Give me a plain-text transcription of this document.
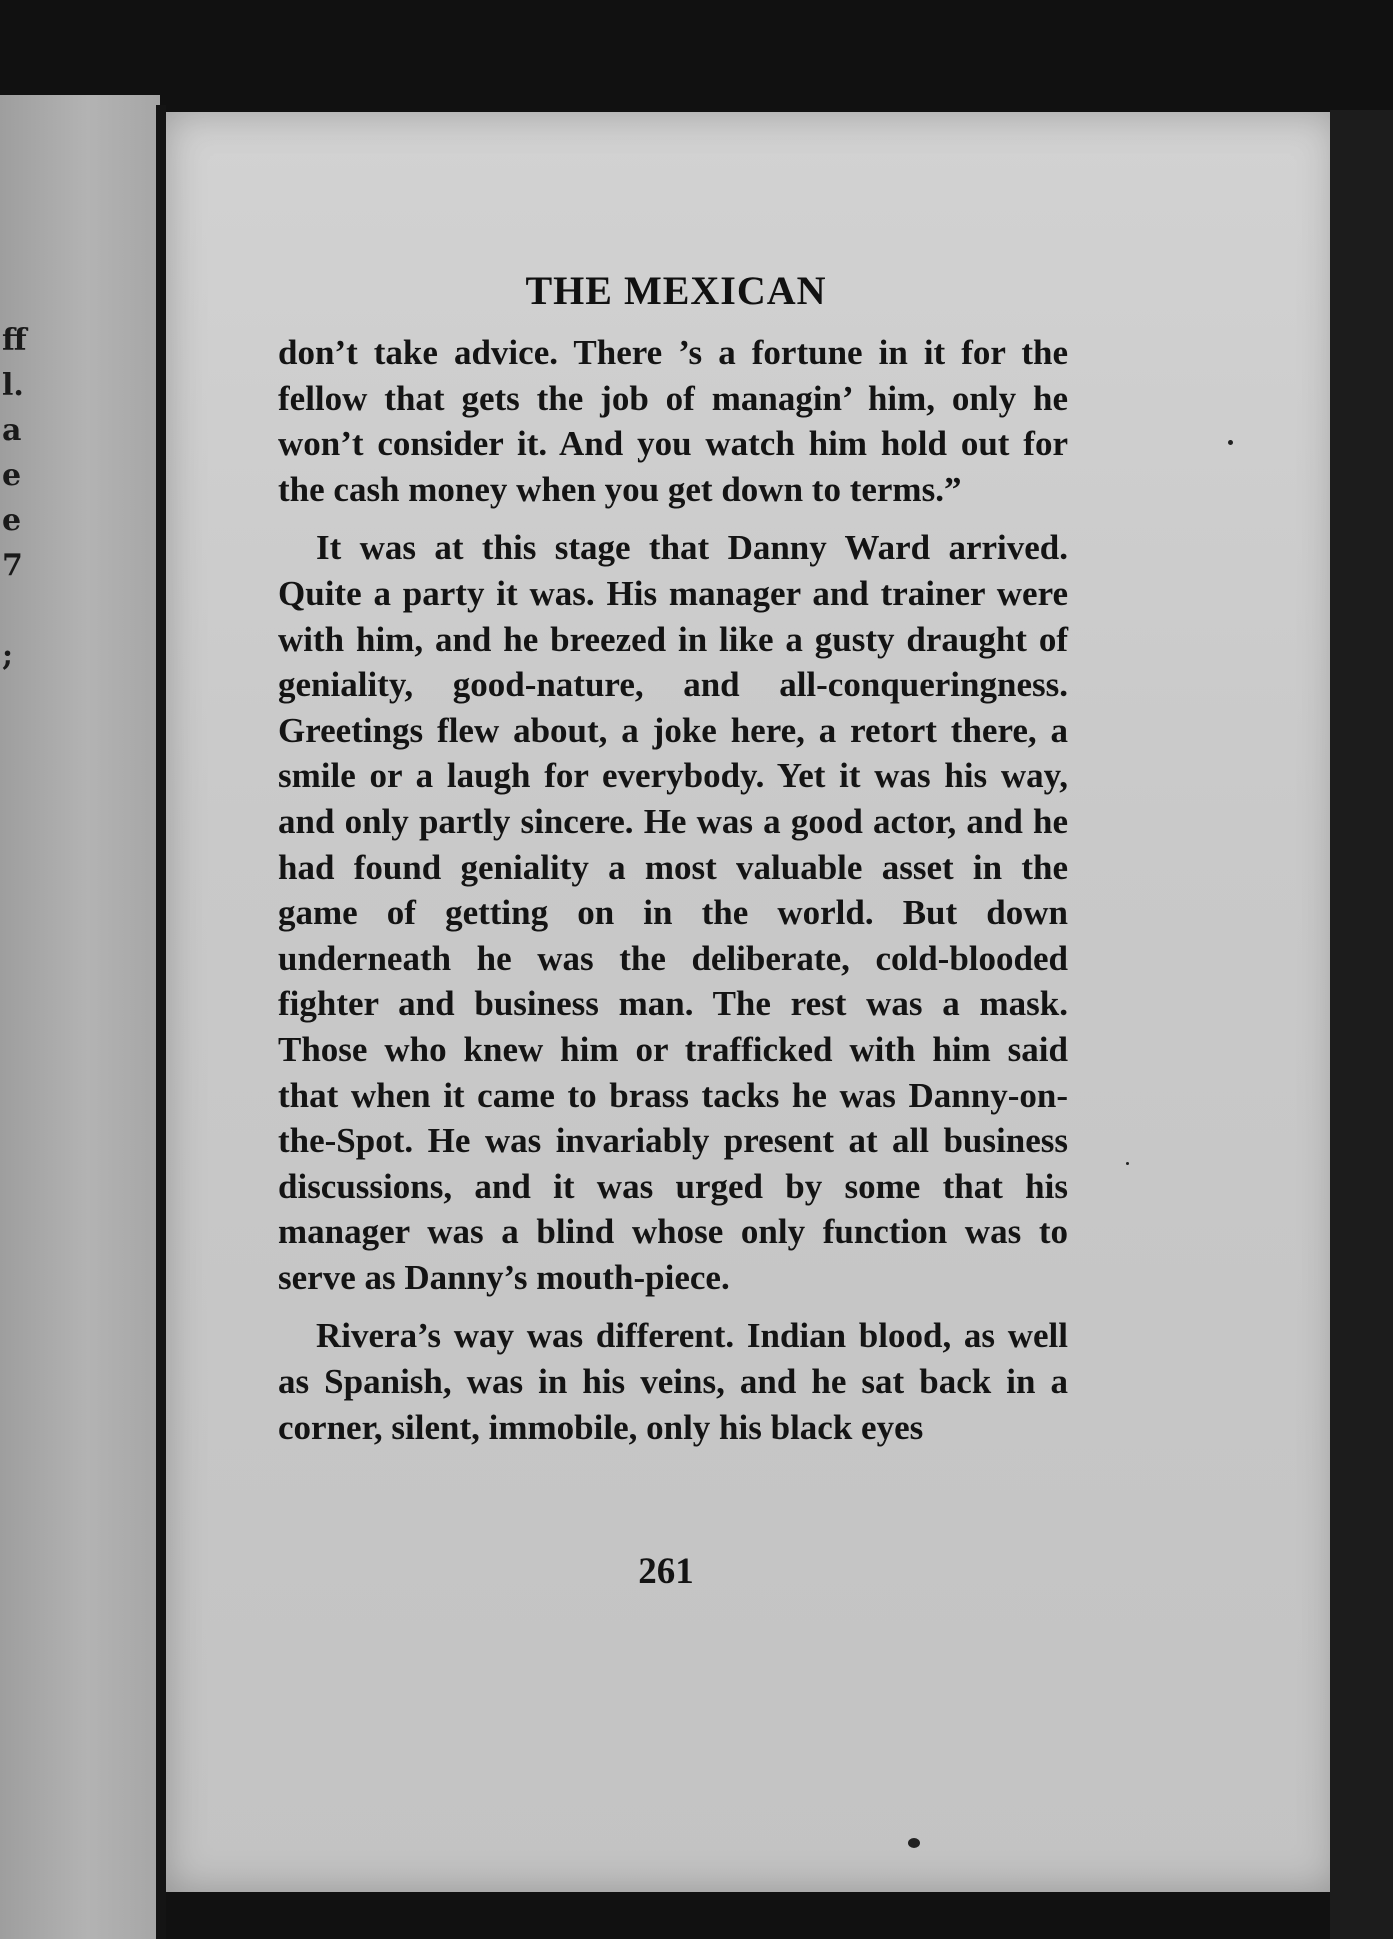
ff
l.
a
e
e
7
;
THE MEXICAN

don’t take advice. There ’s a fortune in it for the fellow that gets the job of managin’ him, only he won’t consider it. And you watch him hold out for the cash money when you get down to terms.”

It was at this stage that Danny Ward arrived. Quite a party it was. His manager and trainer were with him, and he breezed in like a gusty draught of geniality, good-nature, and all-conqueringness. Greetings flew about, a joke here, a retort there, a smile or a laugh for everybody. Yet it was his way, and only partly sincere. He was a good actor, and he had found geniality a most valuable asset in the game of getting on in the world. But down underneath he was the deliberate, cold-blooded fighter and business man. The rest was a mask. Those who knew him or trafficked with him said that when it came to brass tacks he was Danny-on-the-Spot. He was invariably present at all business discussions, and it was urged by some that his manager was a blind whose only function was to serve as Danny’s mouth-piece.

Rivera’s way was different. Indian blood, as well as Spanish, was in his veins, and he sat back in a corner, silent, immobile, only his black eyes

261
